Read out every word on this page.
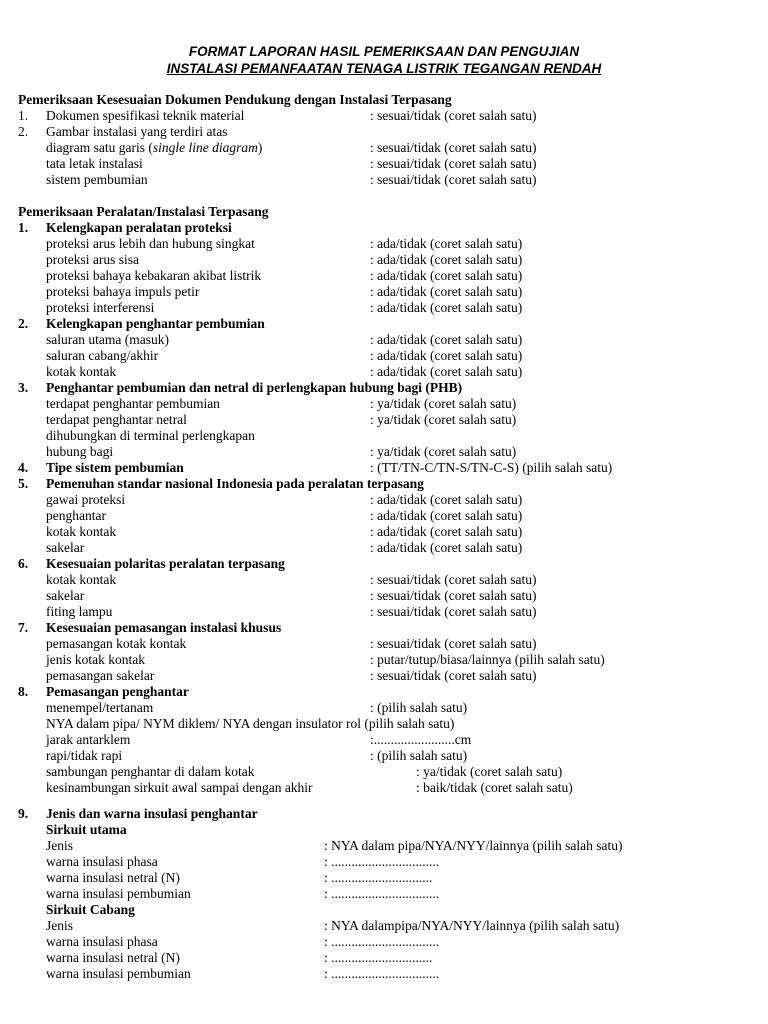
FORMAT LAPORAN HASIL PEMERIKSAAN DAN PENGUJIAN
INSTALASI PEMANFAATAN TENAGA LISTRIK TEGANGAN RENDAH
Pemeriksaan Kesesuaian Dokumen Pendukung dengan Instalasi Terpasang
1. Dokumen spesifikasi teknik material	: sesuai/tidak (coret salah satu)
2. Gambar instalasi yang terdiri atas
diagram satu garis (single line diagram)	: sesuai/tidak (coret salah satu)
tata letak instalasi	: sesuai/tidak (coret salah satu)
sistem pembumian	: sesuai/tidak (coret salah satu)
Pemeriksaan Peralatan/Instalasi Terpasang
1. Kelengkapan peralatan proteksi
proteksi arus lebih dan hubung singkat	: ada/tidak (coret salah satu)
proteksi arus sisa	: ada/tidak (coret salah satu)
proteksi bahaya kebakaran akibat listrik	: ada/tidak (coret salah satu)
proteksi bahaya impuls petir	: ada/tidak (coret salah satu)
proteksi interferensi	: ada/tidak (coret salah satu)
2. Kelengkapan penghantar pembumian
saluran utama (masuk)	: ada/tidak (coret salah satu)
saluran cabang/akhir	: ada/tidak (coret salah satu)
kotak kontak	: ada/tidak (coret salah satu)
3. Penghantar pembumian dan netral di perlengkapan hubung bagi (PHB)
terdapat penghantar pembumian	: ya/tidak (coret salah satu)
terdapat penghantar netral	: ya/tidak (coret salah satu)
dihubungkan di terminal perlengkapan
hubung bagi	: ya/tidak (coret salah satu)
4. Tipe sistem pembumian	: (TT/TN-C/TN-S/TN-C-S) (pilih salah satu)
5. Pemenuhan standar nasional Indonesia pada peralatan terpasang
gawai proteksi	: ada/tidak (coret salah satu)
penghantar	: ada/tidak (coret salah satu)
kotak kontak	: ada/tidak (coret salah satu)
sakelar	: ada/tidak (coret salah satu)
6. Kesesuaian polaritas peralatan terpasang
kotak kontak	: sesuai/tidak (coret salah satu)
sakelar	: sesuai/tidak (coret salah satu)
fiting lampu	: sesuai/tidak (coret salah satu)
7. Kesesuaian pemasangan instalasi khusus
pemasangan kotak kontak	: sesuai/tidak (coret salah satu)
jenis kotak kontak	: putar/tutup/biasa/lainnya (pilih salah satu)
pemasangan sakelar	: sesuai/tidak (coret salah satu)
8. Pemasangan penghantar
menempel/tertanam	: (pilih salah satu)
NYA dalam pipa/ NYM diklem/ NYA dengan insulator rol (pilih salah satu)
jarak antarklem	:........................cm
rapi/tidak rapi	: (pilih salah satu)
sambungan penghantar di dalam kotak	: ya/tidak (coret salah satu)
kesinambungan sirkuit awal sampai dengan akhir	: baik/tidak (coret salah satu)
9. Jenis dan warna insulasi penghantar
Sirkuit utama
Jenis	: NYA dalam pipa/NYA/NYY/lainnya (pilih salah satu)
warna insulasi phasa	: ................................
warna insulasi netral (N)	: ..............................
warna insulasi pembumian	: ................................
Sirkuit Cabang
Jenis	: NYA dalampipa/NYA/NYY/lainnya (pilih salah satu)
warna insulasi phasa	: ................................
warna insulasi netral (N)	: ..............................
warna insulasi pembumian	: ................................
